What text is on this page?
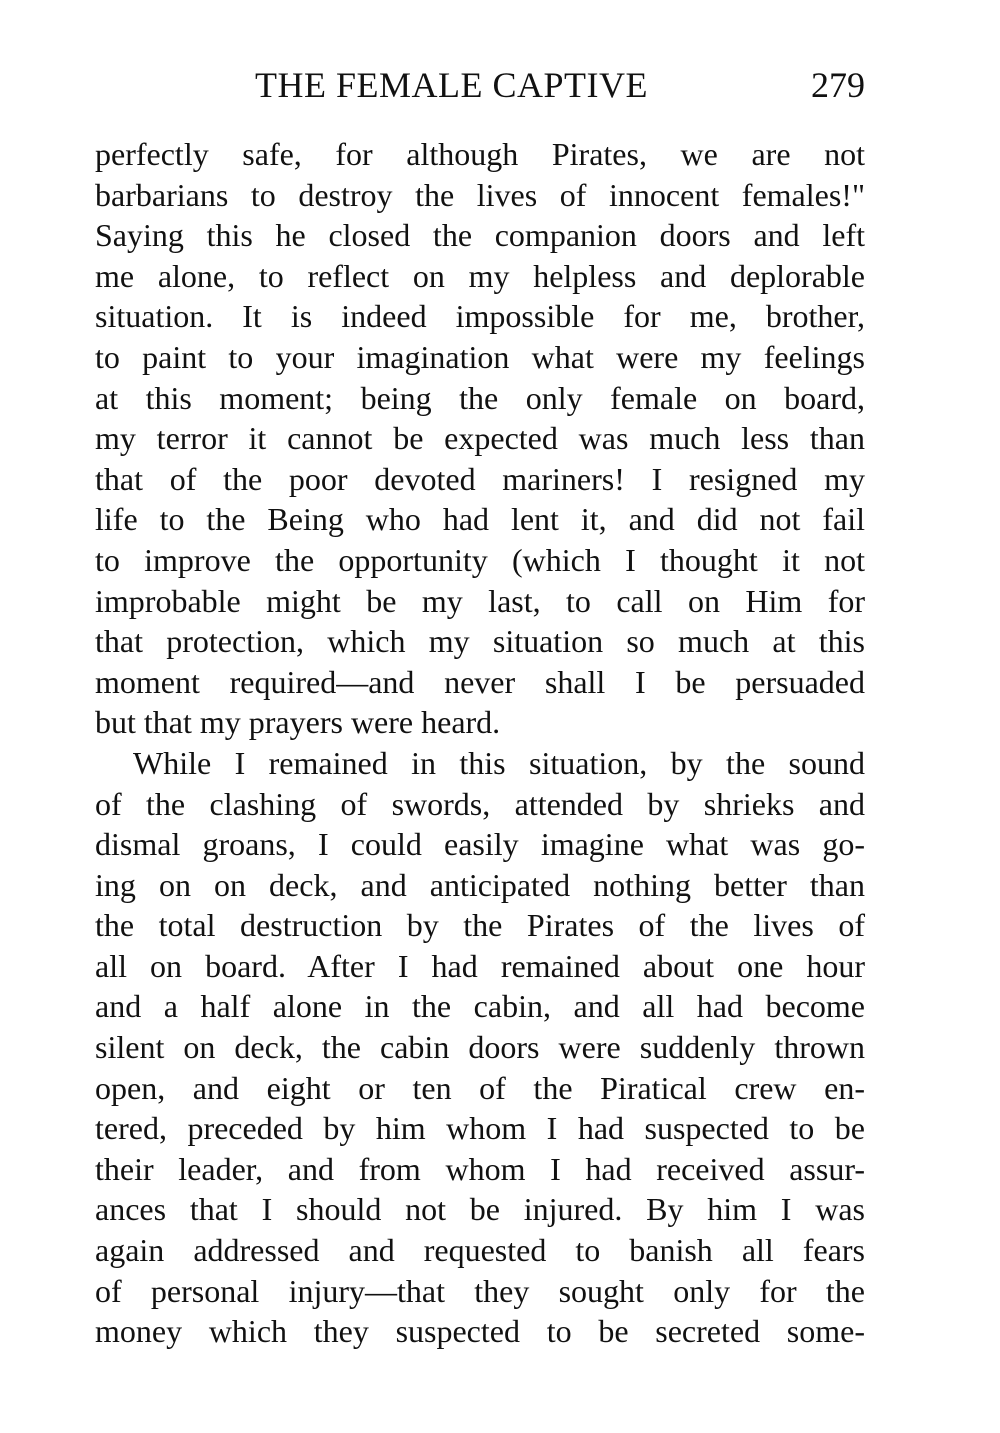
THE FEMALE CAPTIVE	279
perfectly safe, for although Pirates, we are not
barbarians to destroy the lives of innocent females!"
Saying this he closed the companion doors and left
me alone, to reflect on my helpless and deplorable
situation. It is indeed impossible for me, brother,
to paint to your imagination what were my feelings
at this moment; being the only female on board,
my terror it cannot be expected was much less than
that of the poor devoted mariners! I resigned my
life to the Being who had lent it, and did not fail
to improve the opportunity (which I thought it not
improbable might be my last, to call on Him for
that protection, which my situation so much at this
moment required—and never shall I be persuaded
but that my prayers were heard.
While I remained in this situation, by the sound
of the clashing of swords, attended by shrieks and
dismal groans, I could easily imagine what was go-
ing on on deck, and anticipated nothing better than
the total destruction by the Pirates of the lives of
all on board. After I had remained about one hour
and a half alone in the cabin, and all had become
silent on deck, the cabin doors were suddenly thrown
open, and eight or ten of the Piratical crew en-
tered, preceded by him whom I had suspected to be
their leader, and from whom I had received assur-
ances that I should not be injured. By him I was
again addressed and requested to banish all fears
of personal injury—that they sought only for the
money which they suspected to be secreted some-
